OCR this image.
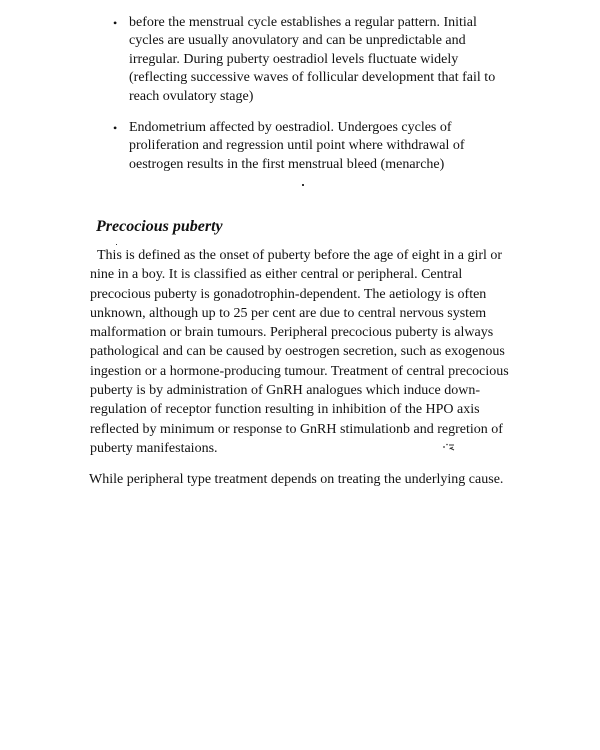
• before the menstrual cycle establishes a regular pattern. Initial cycles are usually anovulatory and can be unpredictable and irregular. During puberty oestradiol levels fluctuate widely (reflecting successive waves of follicular development that fail to reach ovulatory stage)
• Endometrium affected by oestradiol. Undergoes cycles of proliferation and regression until point where withdrawal of oestrogen results in the first menstrual bleed (menarche)
Precocious puberty

This is defined as the onset of puberty before the age of eight in a girl or nine in a boy. It is classified as either central or peripheral. Central precocious puberty is gonadotrophin-dependent. The aetiology is often unknown, although up to 25 per cent are due to central nervous system malformation or brain tumours. Peripheral precocious puberty is always pathological and can be caused by oestrogen secretion, such as exogenous ingestion or a hormone-producing tumour. Treatment of central precocious puberty is by administration of GnRH analogues which induce down-regulation of receptor function resulting in inhibition of the HPO axis reflected by minimum or response to GnRH stimulationb and regretion of puberty manifestaions.

While peripheral type treatment depends on treating the underlying cause.
